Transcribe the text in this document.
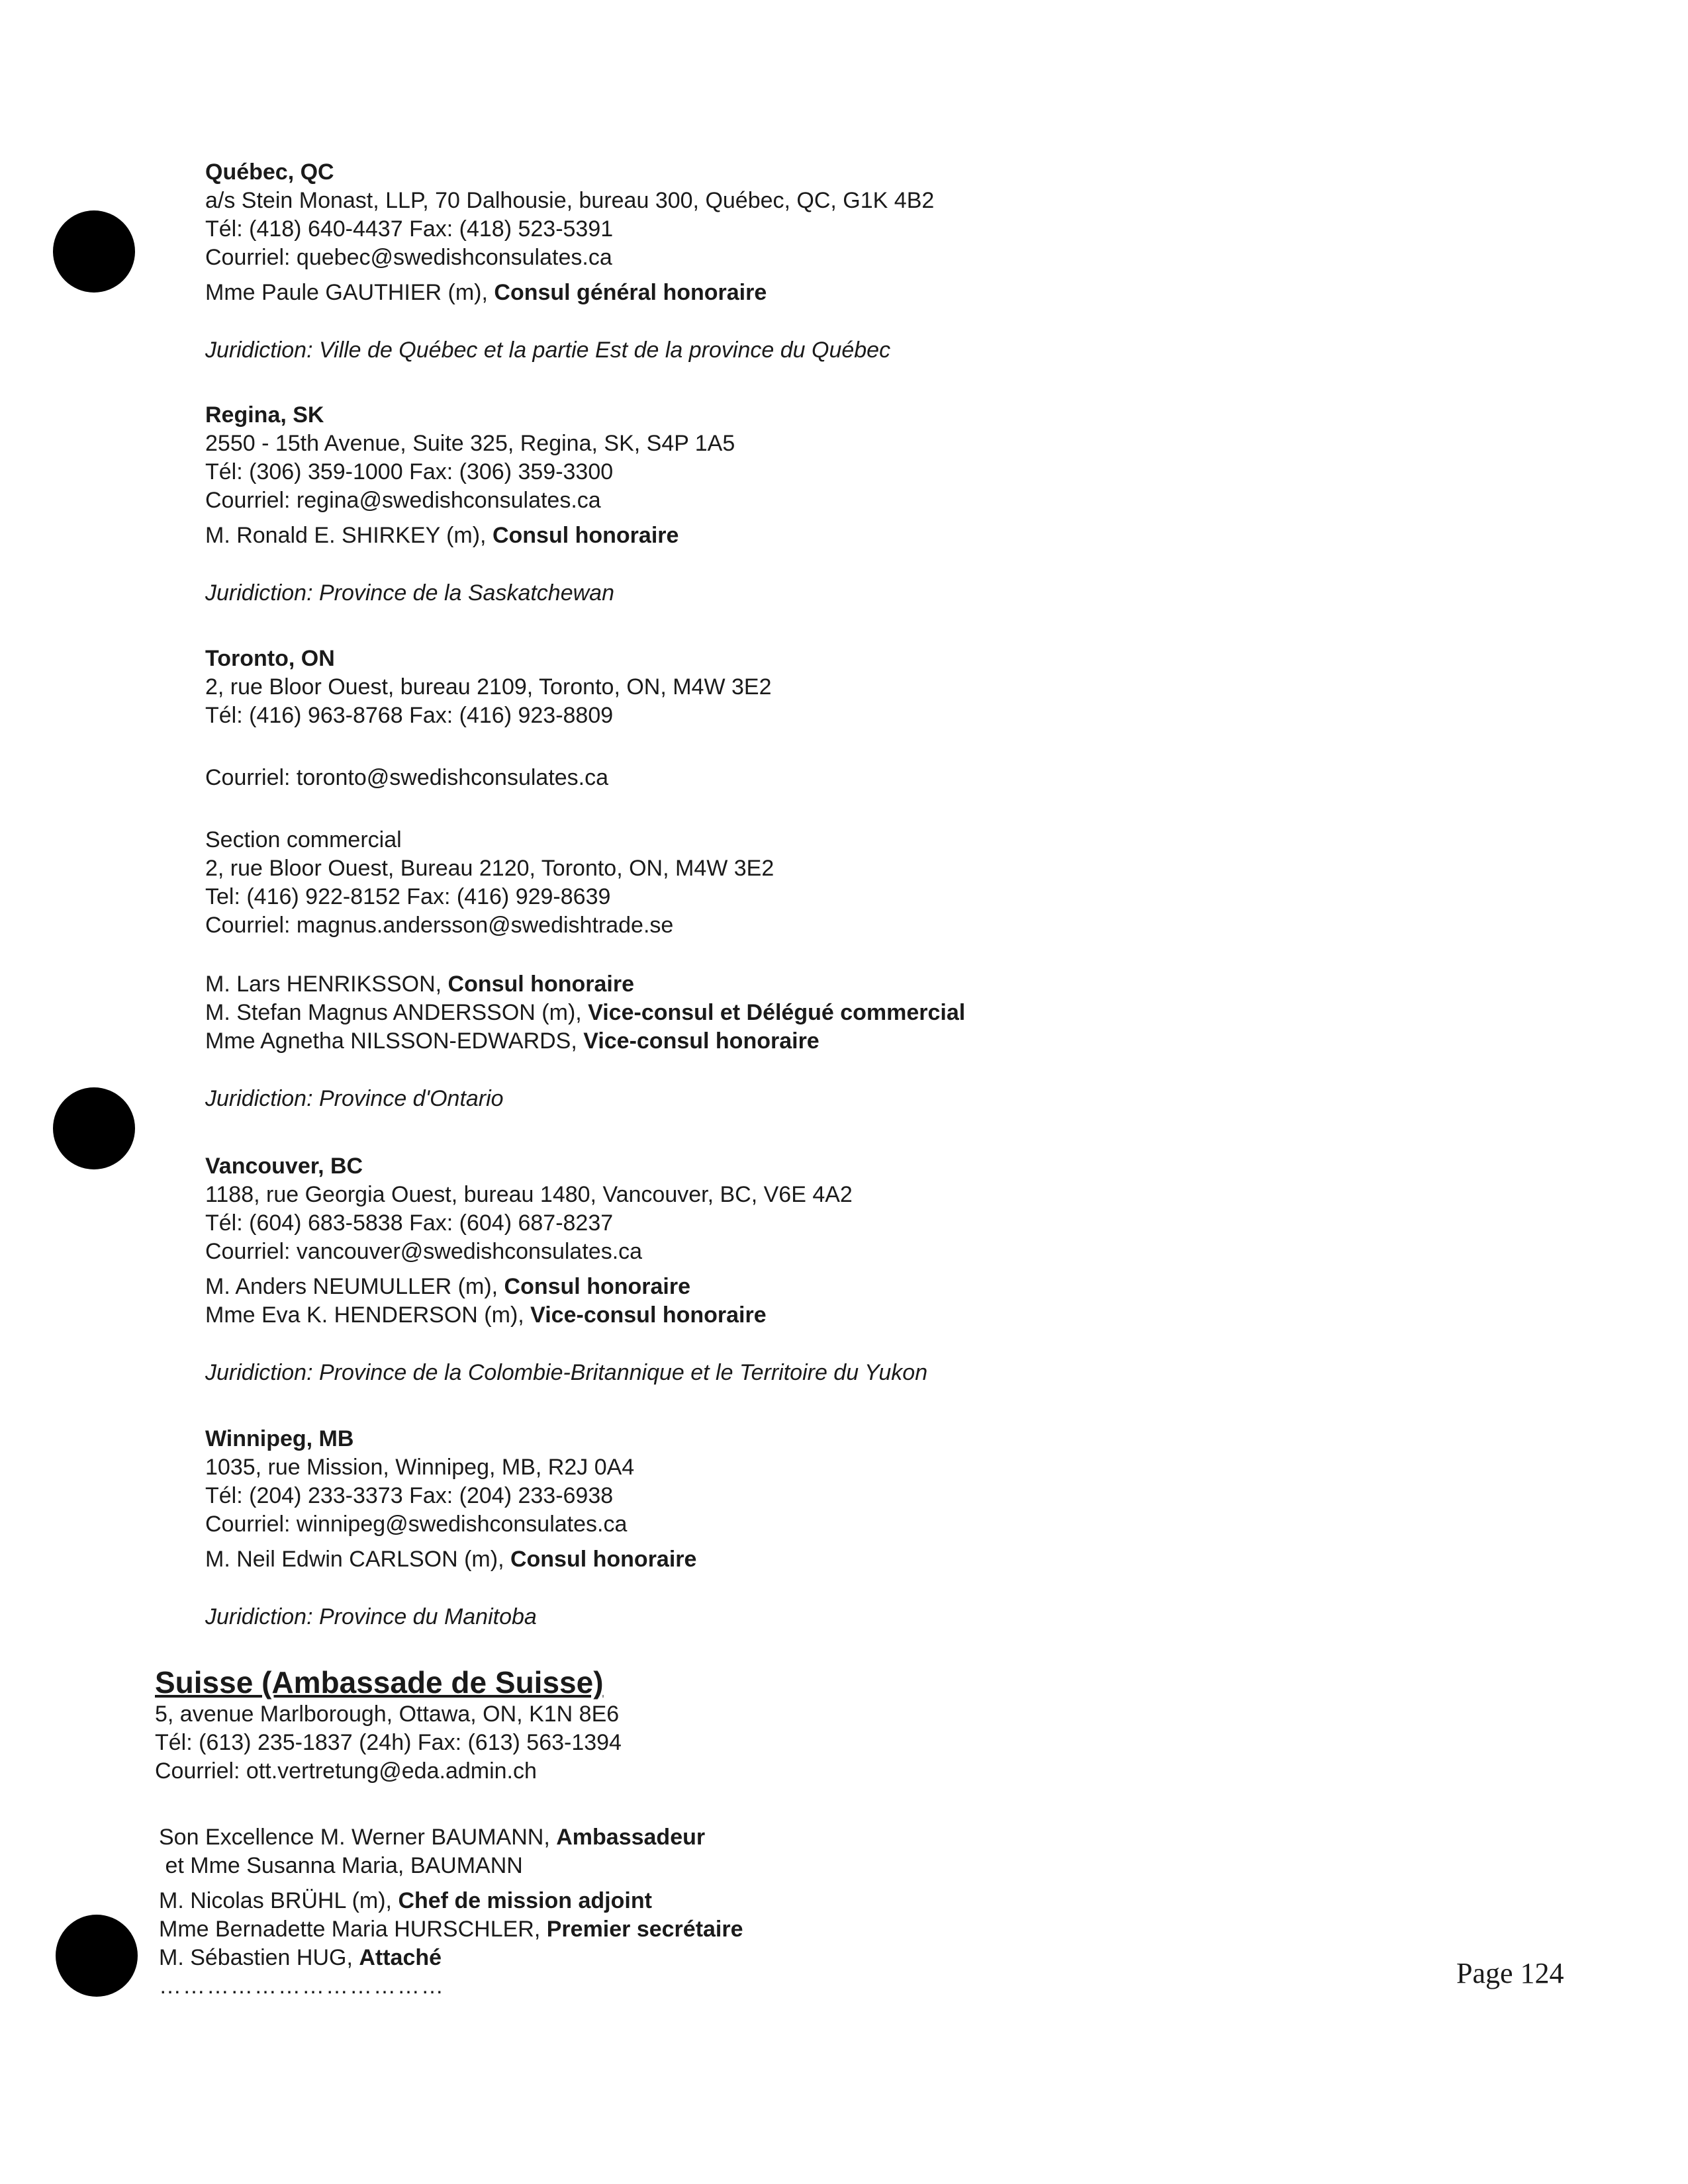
Québec, QC
a/s Stein Monast, LLP, 70 Dalhousie, bureau 300, Québec, QC, G1K 4B2
Tél: (418) 640-4437 Fax: (418) 523-5391
Courriel: quebec@swedishconsulates.ca
Mme Paule GAUTHIER (m), Consul général honoraire
Juridiction: Ville de Québec et la partie Est de la province du Québec
Regina, SK
2550 - 15th Avenue, Suite 325, Regina, SK, S4P 1A5
Tél: (306) 359-1000 Fax: (306) 359-3300
Courriel: regina@swedishconsulates.ca
M. Ronald E. SHIRKEY (m), Consul honoraire
Juridiction: Province de la Saskatchewan
Toronto, ON
2, rue Bloor Ouest, bureau 2109, Toronto, ON, M4W 3E2
Tél: (416) 963-8768 Fax: (416) 923-8809
Courriel: toronto@swedishconsulates.ca
Section commercial
2, rue Bloor Ouest, Bureau 2120, Toronto, ON, M4W 3E2
Tel: (416) 922-8152 Fax: (416) 929-8639
Courriel: magnus.andersson@swedishtrade.se
M. Lars HENRIKSSON, Consul honoraire
M. Stefan Magnus ANDERSSON (m), Vice-consul et Délégué commercial
Mme Agnetha NILSSON-EDWARDS, Vice-consul honoraire
Juridiction: Province d'Ontario
Vancouver, BC
1188, rue Georgia Ouest, bureau 1480, Vancouver, BC, V6E 4A2
Tél: (604) 683-5838 Fax: (604) 687-8237
Courriel: vancouver@swedishconsulates.ca
M. Anders NEUMULLER (m), Consul honoraire
Mme Eva K. HENDERSON (m), Vice-consul honoraire
Juridiction: Province de la Colombie-Britannique et le Territoire du Yukon
Winnipeg, MB
1035, rue Mission, Winnipeg, MB, R2J 0A4
Tél: (204) 233-3373 Fax: (204) 233-6938
Courriel: winnipeg@swedishconsulates.ca
M. Neil Edwin CARLSON (m), Consul honoraire
Juridiction: Province du Manitoba
Suisse (Ambassade de Suisse)
5, avenue Marlborough, Ottawa, ON, K1N 8E6
Tél: (613) 235-1837 (24h) Fax: (613) 563-1394
Courriel: ott.vertretung@eda.admin.ch
Son Excellence M. Werner BAUMANN, Ambassadeur
et Mme Susanna Maria, BAUMANN
M. Nicolas BRÜHL (m), Chef de mission adjoint
Mme Bernadette Maria HURSCHLER, Premier secrétaire
M. Sébastien HUG, Attaché
………………………………	Page 124
